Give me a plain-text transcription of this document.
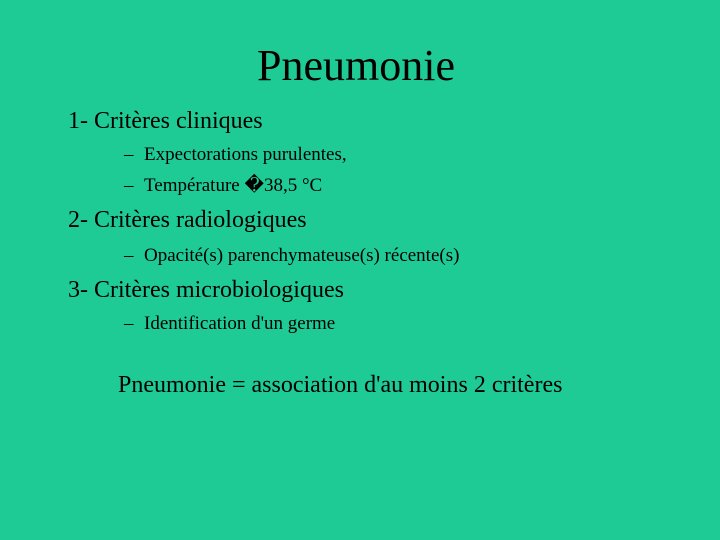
Pneumonie
1- Critères cliniques
– Expectorations purulentes,
– Température �38,5 °C
2- Critères radiologiques
– Opacité(s) parenchymateuse(s) récente(s)
3- Critères microbiologiques
– Identification d'un germe
Pneumonie = association d'au moins 2 critères
